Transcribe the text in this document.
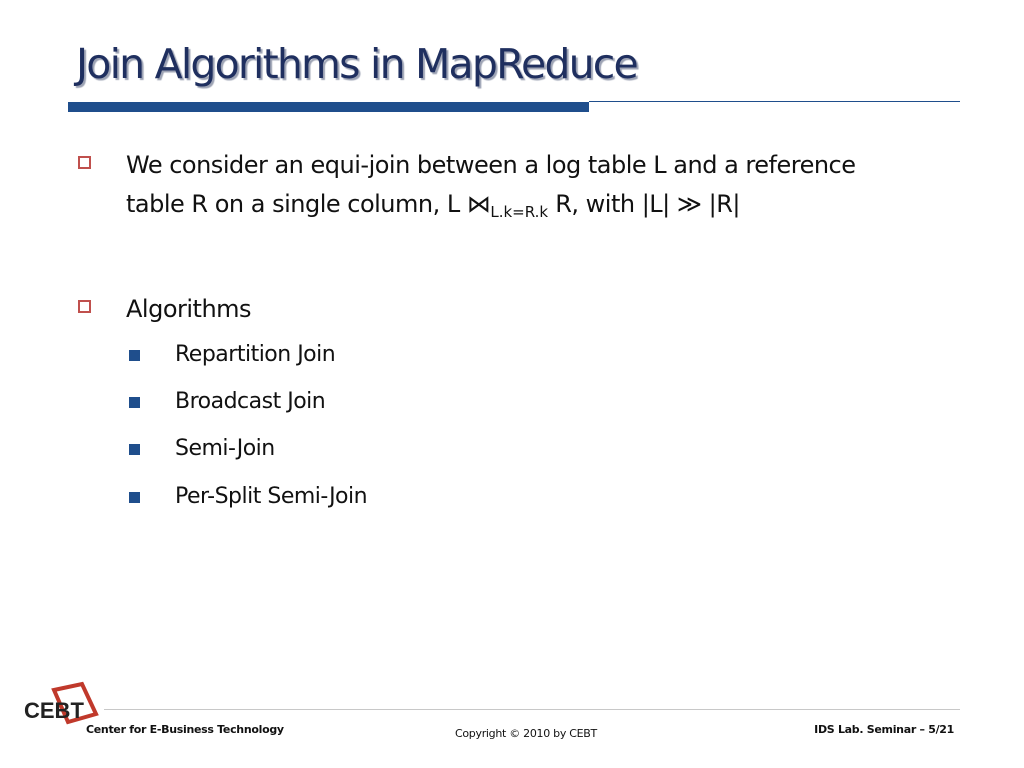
Join Algorithms in MapReduce
We consider an equi-join between a log table L and a reference
table R on a single column, L $⋈_{L.k=R.k}$ R, with |L| ≫ |R|
Algorithms
Repartition Join
Broadcast Join
Semi-Join
Per-Split Semi-Join
CEBT
Center for E-Business Technology	Copyright © 2010 by CEBT	IDS Lab. Seminar – 5/21
